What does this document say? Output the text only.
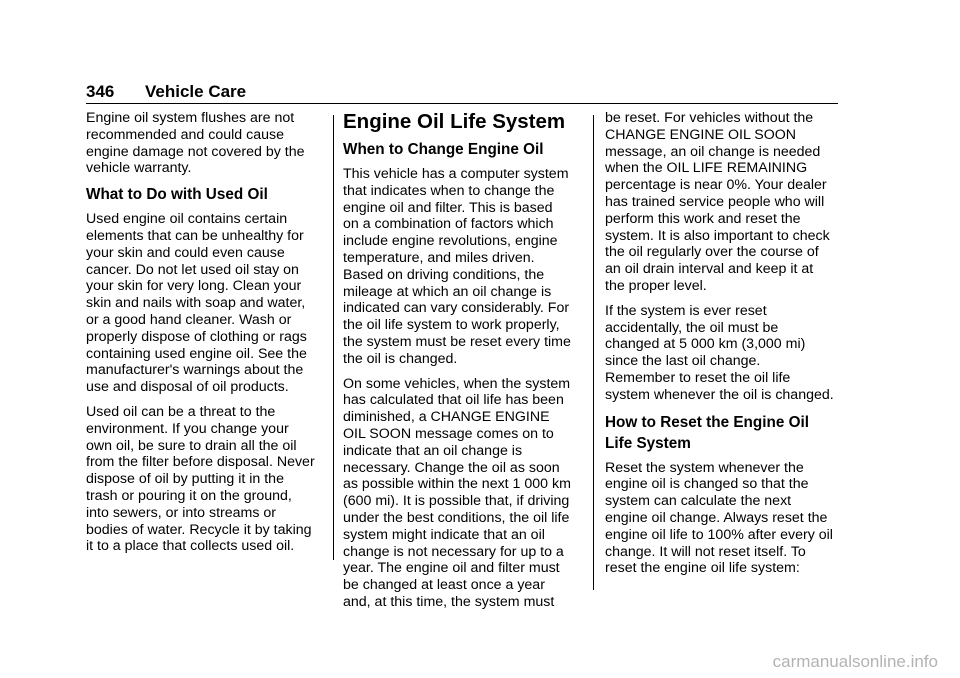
346 Vehicle Care

Engine oil system flushes are not
recommended and could cause
engine damage not covered by the
vehicle warranty.

What to Do with Used Oil

Used engine oil contains certain
elements that can be unhealthy for
your skin and could even cause
cancer. Do not let used oil stay on
your skin for very long. Clean your
skin and nails with soap and water,
or a good hand cleaner. Wash or
properly dispose of clothing or rags
containing used engine oil. See the
manufacturer's warnings about the
use and disposal of oil products.

Used oil can be a threat to the
environment. If you change your
own oil, be sure to drain all the oil
from the filter before disposal. Never
dispose of oil by putting it in the
trash or pouring it on the ground,
into sewers, or into streams or
bodies of water. Recycle it by taking
it to a place that collects used oil.

Engine Oil Life System
When to Change Engine Oil

This vehicle has a computer system
that indicates when to change the
engine oil and filter. This is based
on a combination of factors which
include engine revolutions, engine
temperature, and miles driven.
Based on driving conditions, the
mileage at which an oil change is
indicated can vary considerably. For
the oil life system to work properly,
the system must be reset every time
the oil is changed.

On some vehicles, when the system
has calculated that oil life has been
diminished, a CHANGE ENGINE
OIL SOON message comes on to
indicate that an oil change is
necessary. Change the oil as soon
as possible within the next 1 000 km
(600 mi). It is possible that, if driving
under the best conditions, the oil life
system might indicate that an oil
change is not necessary for up to a
year. The engine oil and filter must
be changed at least once a year
and, at this time, the system must

be reset. For vehicles without the
CHANGE ENGINE OIL SOON
message, an oil change is needed
when the OIL LIFE REMAINING
percentage is near 0%. Your dealer
has trained service people who will
perform this work and reset the
system. It is also important to check
the oil regularly over the course of
an oil drain interval and keep it at
the proper level.

If the system is ever reset
accidentally, the oil must be
changed at 5 000 km (3,000 mi)
since the last oil change.
Remember to reset the oil life
system whenever the oil is changed.

How to Reset the Engine Oil
Life System

Reset the system whenever the
engine oil is changed so that the
system can calculate the next
engine oil change. Always reset the
engine oil life to 100% after every oil
change. It will not reset itself. To
reset the engine oil life system:

carmanualsonline.info
